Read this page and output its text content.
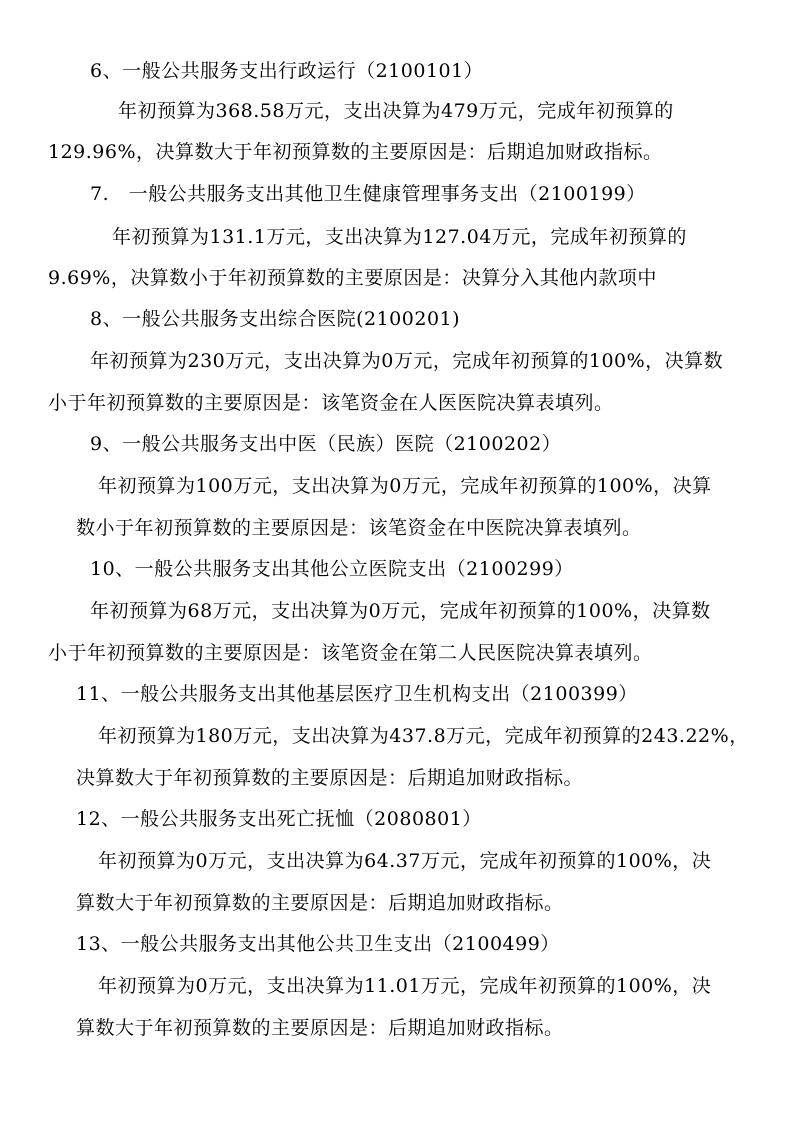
6、一般公共服务支出行政运行（2100101）
年初预算为368.58万元，支出决算为479万元，完成年初预算的
129.96%，决算数大于年初预算数的主要原因是：后期追加财政指标。
7.　一般公共服务支出其他卫生健康管理事务支出（2100199）
年初预算为131.1万元，支出决算为127.04万元，完成年初预算的
9.69%，决算数小于年初预算数的主要原因是：决算分入其他内款项中
8、一般公共服务支出综合医院(2100201)
年初预算为230万元，支出决算为0万元，完成年初预算的100%，决算数
小于年初预算数的主要原因是：该笔资金在人医医院决算表填列。
9、一般公共服务支出中医（民族）医院（2100202）
年初预算为100万元，支出决算为0万元，完成年初预算的100%，决算
数小于年初预算数的主要原因是：该笔资金在中医院决算表填列。
10、一般公共服务支出其他公立医院支出（2100299）
年初预算为68万元，支出决算为0万元，完成年初预算的100%，决算数
小于年初预算数的主要原因是：该笔资金在第二人民医院决算表填列。
11、一般公共服务支出其他基层医疗卫生机构支出（2100399）
年初预算为180万元，支出决算为437.8万元，完成年初预算的243.22%，
决算数大于年初预算数的主要原因是：后期追加财政指标。
12、一般公共服务支出死亡抚恤（2080801）
年初预算为0万元，支出决算为64.37万元，完成年初预算的100%，决
算数大于年初预算数的主要原因是：后期追加财政指标。
13、一般公共服务支出其他公共卫生支出（2100499）
年初预算为0万元，支出决算为11.01万元，完成年初预算的100%，决
算数大于年初预算数的主要原因是：后期追加财政指标。
